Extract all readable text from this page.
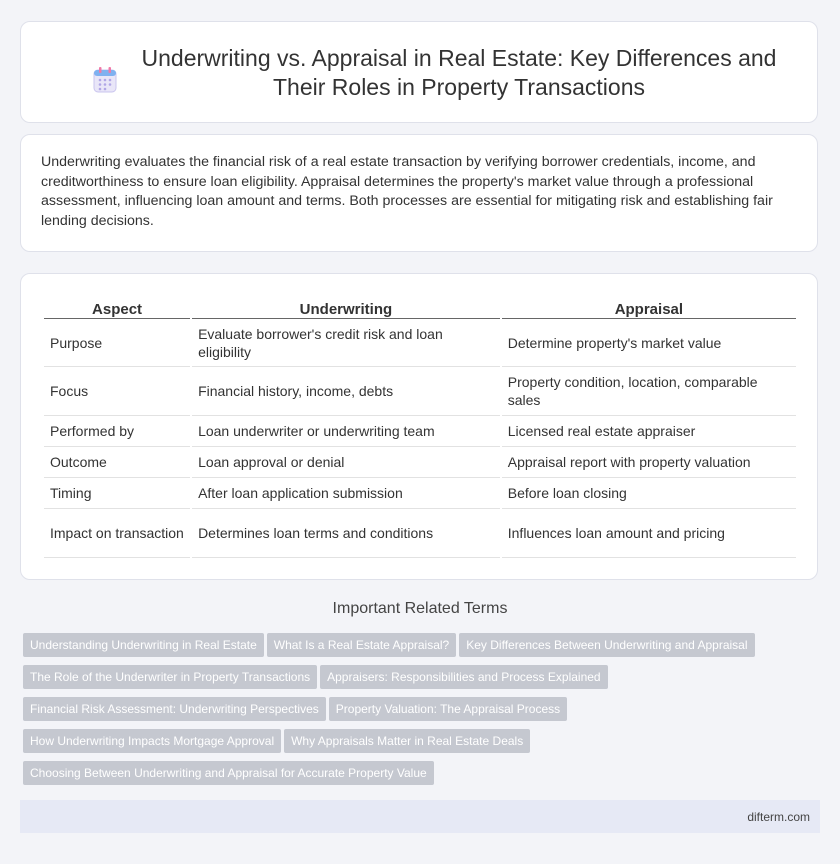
Underwriting vs. Appraisal in Real Estate: Key Differences and Their Roles in Property Transactions
Underwriting evaluates the financial risk of a real estate transaction by verifying borrower credentials, income, and creditworthiness to ensure loan eligibility. Appraisal determines the property's market value through a professional assessment, influencing loan amount and terms. Both processes are essential for mitigating risk and establishing fair lending decisions.
Aspect	Underwriting	Appraisal
Purpose	Evaluate borrower's credit risk and loan eligibility	Determine property's market value
Focus	Financial history, income, debts	Property condition, location, comparable sales
Performed by	Loan underwriter or underwriting team	Licensed real estate appraiser
Outcome	Loan approval or denial	Appraisal report with property valuation
Timing	After loan application submission	Before loan closing
Impact on transaction	Determines loan terms and conditions	Influences loan amount and pricing
Important Related Terms
Understanding Underwriting in Real Estate What Is a Real Estate Appraisal? Key Differences Between Underwriting and Appraisal
The Role of the Underwriter in Property Transactions Appraisers: Responsibilities and Process Explained
Financial Risk Assessment: Underwriting Perspectives Property Valuation: The Appraisal Process
How Underwriting Impacts Mortgage Approval Why Appraisals Matter in Real Estate Deals
Choosing Between Underwriting and Appraisal for Accurate Property Value
difterm.com
